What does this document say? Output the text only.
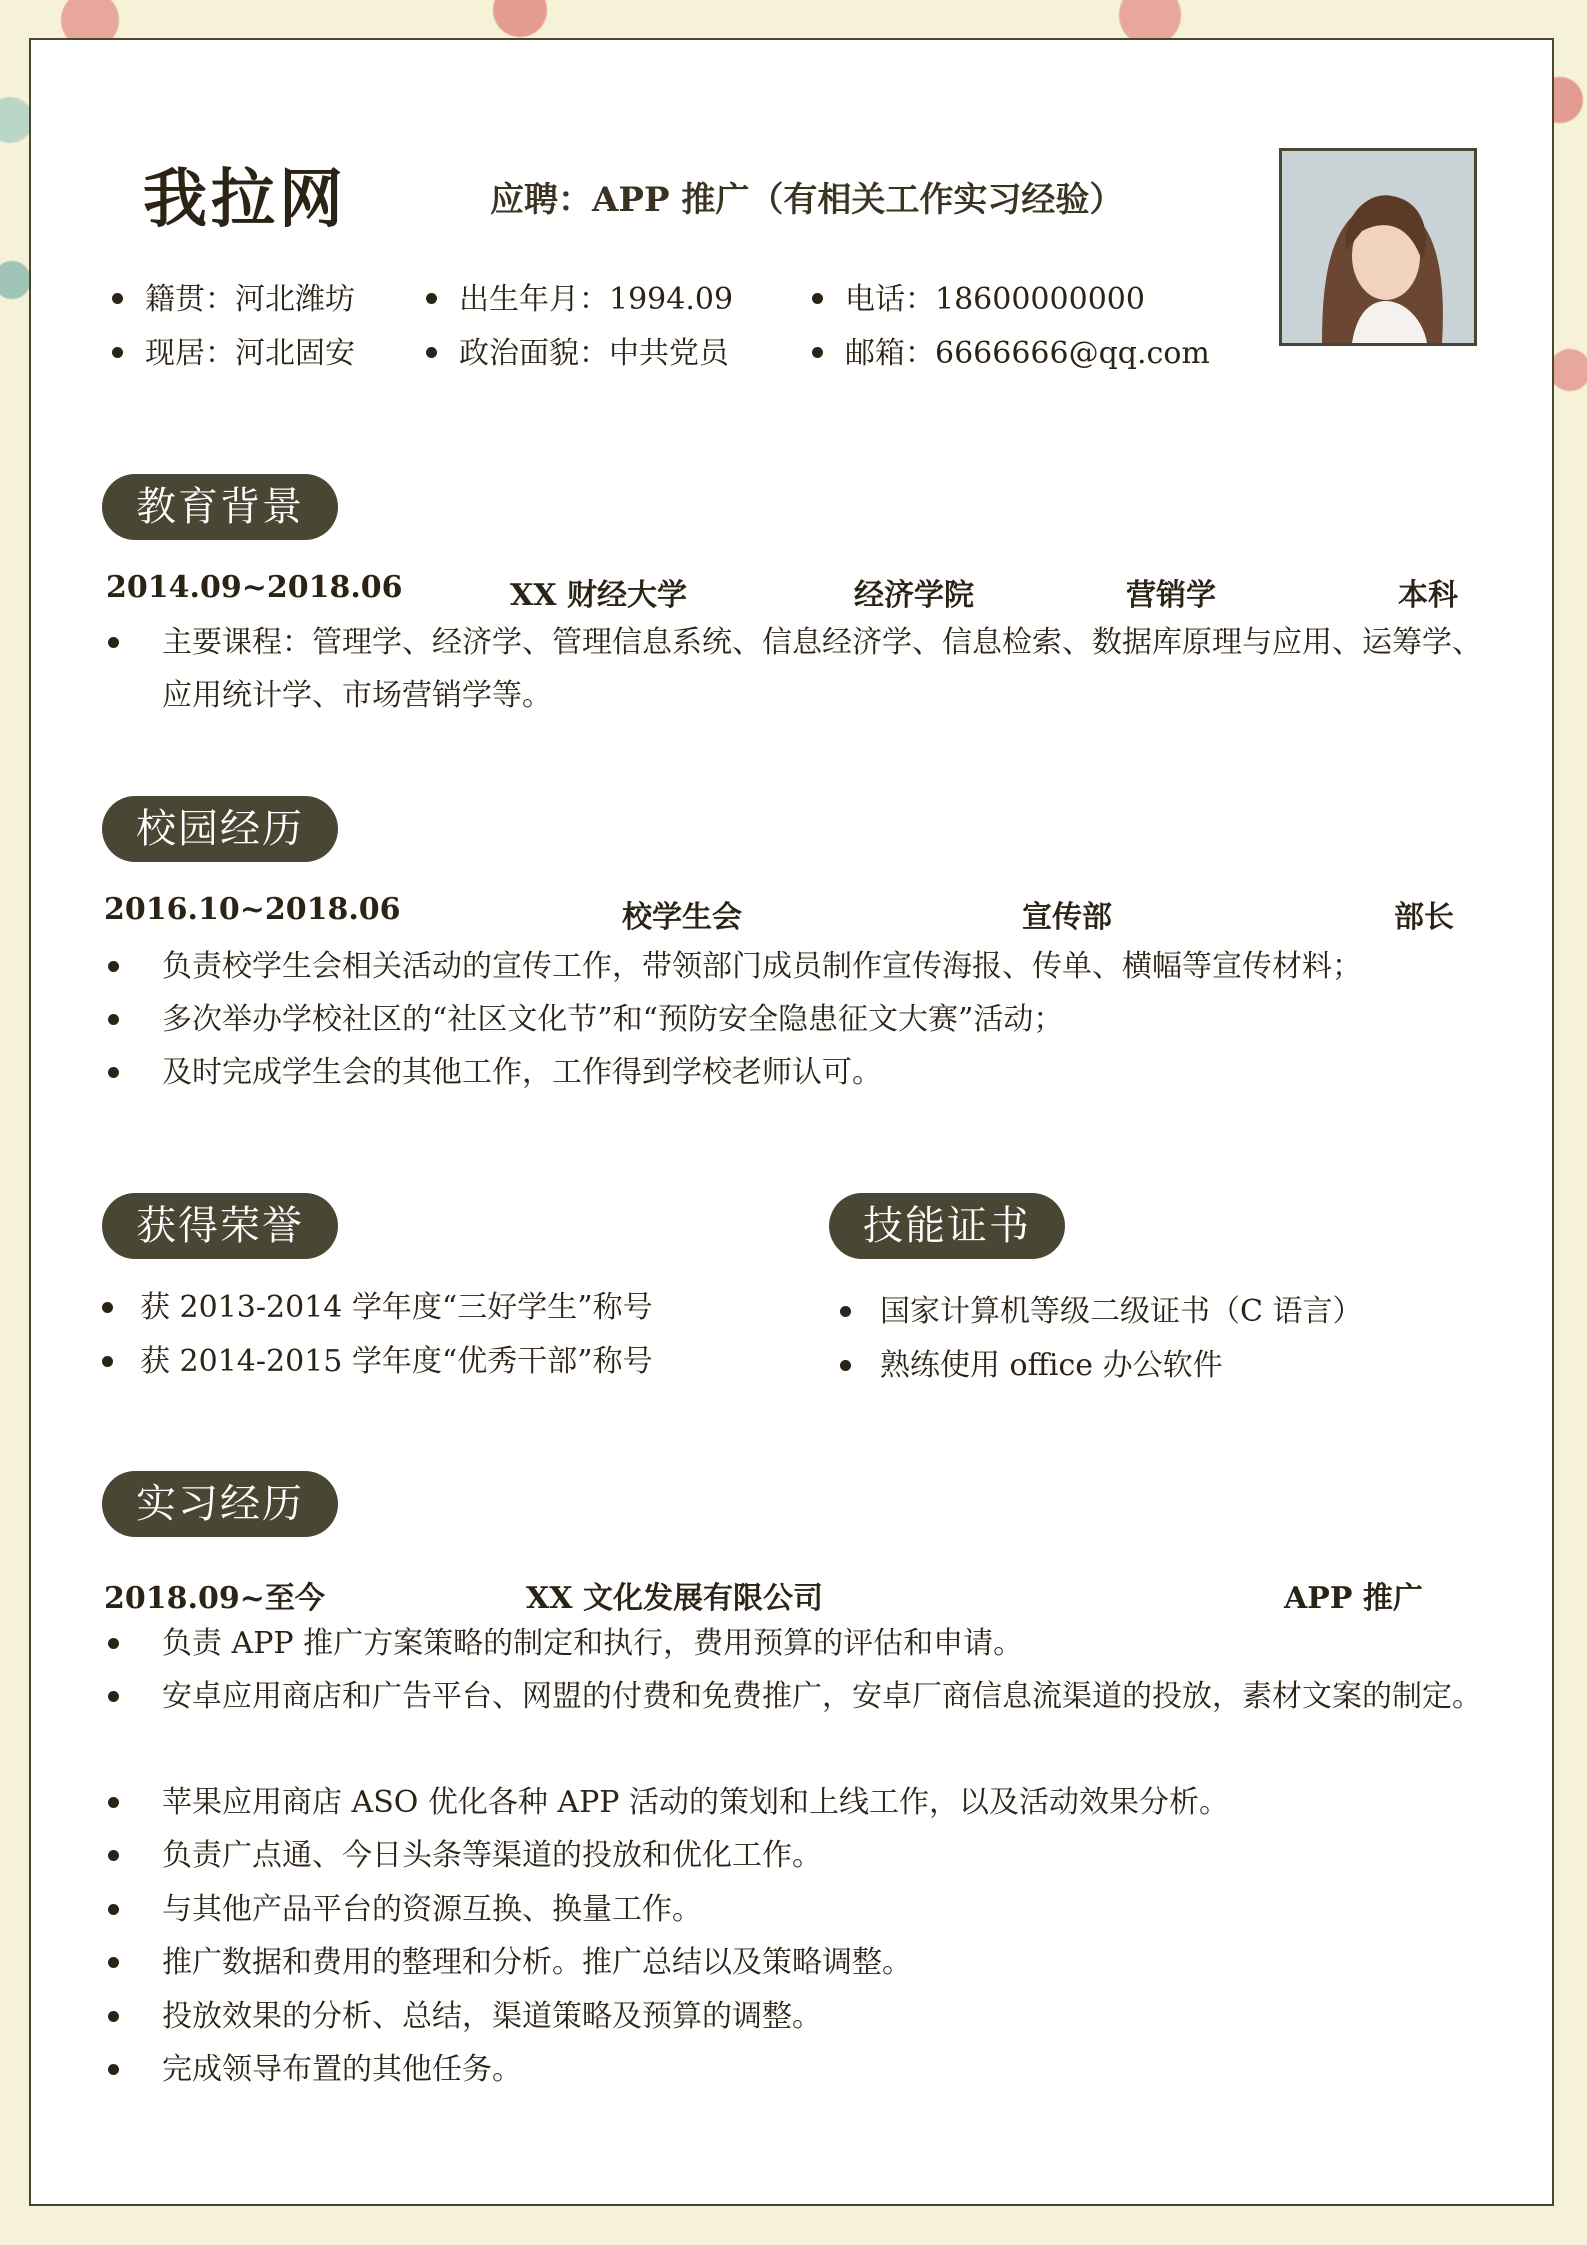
我拉网	应聘：APP 推广（有相关工作实习经验）
籍贯：河北潍坊	出生年月：1994.09	电话：18600000000
现居：河北固安	政治面貌：中共党员	邮箱：6666666@qq.com
教育背景
2014.09~2018.06	XX 财经大学	经济学院	营销学	本科
主要课程：管理学、经济学、管理信息系统、信息经济学、信息检索、数据库原理与应用、运筹学、应用统计学、市场营销学等。
校园经历
2016.10~2018.06	校学生会	宣传部	部长
负责校学生会相关活动的宣传工作，带领部门成员制作宣传海报、传单、横幅等宣传材料；
多次举办学校社区的“社区文化节”和“预防安全隐患征文大赛”活动；
及时完成学生会的其他工作，工作得到学校老师认可。
获得荣誉
获 2013-2014 学年度“三好学生”称号
获 2014-2015 学年度“优秀干部”称号
技能证书
国家计算机等级二级证书（C 语言）
熟练使用 office 办公软件
实习经历
2018.09~至今	XX 文化发展有限公司	APP 推广
负责 APP 推广方案策略的制定和执行，费用预算的评估和申请。
安卓应用商店和广告平台、网盟的付费和免费推广，安卓厂商信息流渠道的投放，素材文案的制定。
苹果应用商店 ASO 优化各种 APP 活动的策划和上线工作，以及活动效果分析。
负责广点通、今日头条等渠道的投放和优化工作。
与其他产品平台的资源互换、换量工作。
推广数据和费用的整理和分析。推广总结以及策略调整。
投放效果的分析、总结，渠道策略及预算的调整。
完成领导布置的其他任务。
